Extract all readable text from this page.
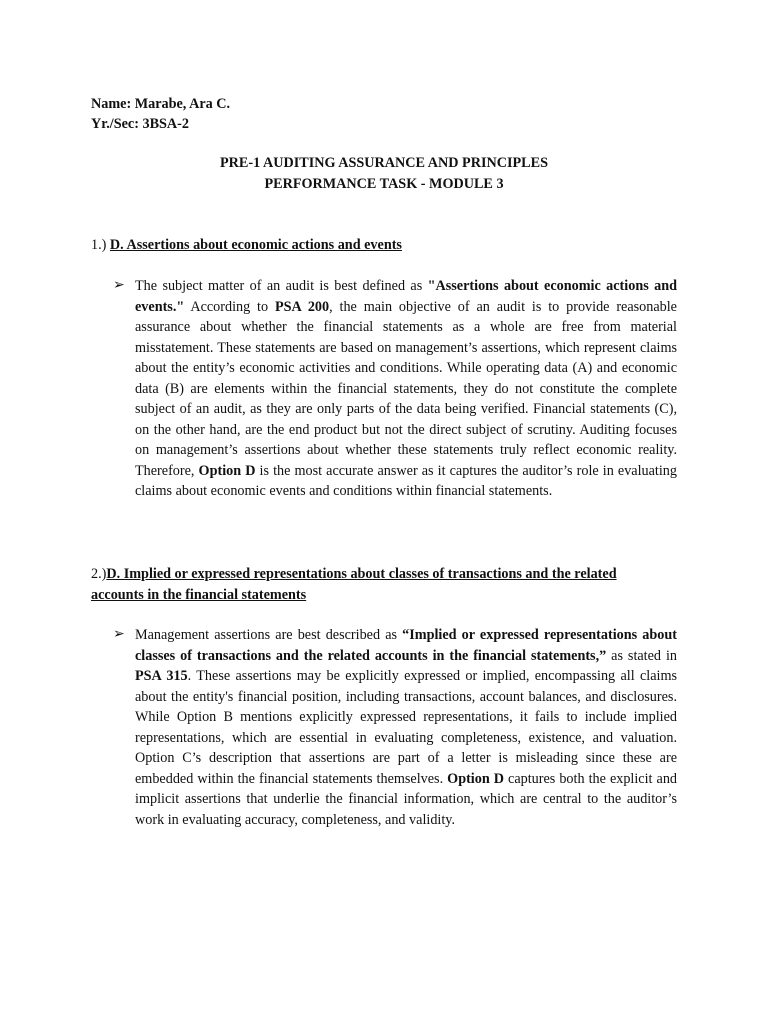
Name: Marabe, Ara C.
Yr./Sec: 3BSA-2
PRE-1 AUDITING ASSURANCE AND PRINCIPLES
PERFORMANCE TASK - MODULE 3
1.) D. Assertions about economic actions and events
➢ The subject matter of an audit is best defined as "Assertions about economic actions and events." According to PSA 200, the main objective of an audit is to provide reasonable assurance about whether the financial statements as a whole are free from material misstatement. These statements are based on management’s assertions, which represent claims about the entity’s economic activities and conditions. While operating data (A) and economic data (B) are elements within the financial statements, they do not constitute the complete subject of an audit, as they are only parts of the data being verified. Financial statements (C), on the other hand, are the end product but not the direct subject of scrutiny. Auditing focuses on management’s assertions about whether these statements truly reflect economic reality. Therefore, Option D is the most accurate answer as it captures the auditor’s role in evaluating claims about economic events and conditions within financial statements.
2.)D. Implied or expressed representations about classes of transactions and the related accounts in the financial statements
➢ Management assertions are best described as “Implied or expressed representations about classes of transactions and the related accounts in the financial statements,” as stated in PSA 315. These assertions may be explicitly expressed or implied, encompassing all claims about the entity's financial position, including transactions, account balances, and disclosures. While Option B mentions explicitly expressed representations, it fails to include implied representations, which are essential in evaluating completeness, existence, and valuation. Option C’s description that assertions are part of a letter is misleading since these are embedded within the financial statements themselves. Option D captures both the explicit and implicit assertions that underlie the financial information, which are central to the auditor’s work in evaluating accuracy, completeness, and validity.
